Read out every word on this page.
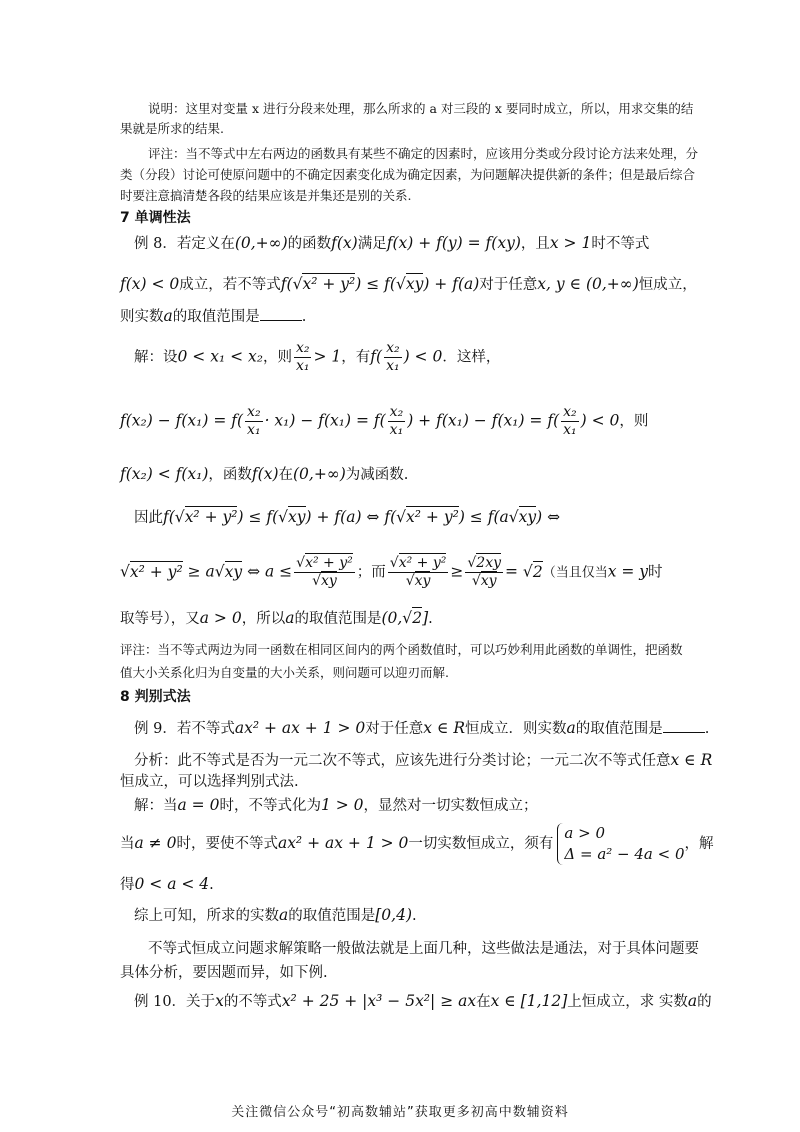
说明：这里对变量 x 进行分段来处理，那么所求的 a 对三段的 x 要同时成立，所以，用求交集的结
果就是所求的结果.
评注：当不等式中左右两边的函数具有某些不确定的因素时，应该用分类或分段讨论方法来处理，分
类（分段）讨论可使原问题中的不确定因素变化成为确定因素，为问题解决提供新的条件；但是最后综合
时要注意搞清楚各段的结果应该是并集还是别的关系.
7 单调性法
例 8．若定义在(0,+∞)的函数f(x)满足f(x) + f(y) = f(xy)，且x > 1时不等式
f(x) < 0成立，若不等式f(√x² + y²) ≤ f(√xy) + f(a)对于任意x, y ∈ (0,+∞)恒成立，
则实数a的取值范围是	.
解：设0 < x₁ < x₂，则 $\frac{\text{x₂}}{\text{x₁}} > 1$，有$f( \frac{\text{x₂}}{\text{x₁}}$ ) < 0．这样，
$f(x_2) - f(x_1) = f( \frac{\text{x₂}}{\text{x₁}} \cdot x_1) - f(x_1) = f( \frac{\text{x₂}}{\text{x₁}}$ ) + $f(x_1) - f(x_1) = f( \frac{\text{x₂}}{\text{x₁}}$ ) < 0，则
f(x₂) < f(x₁)，函数f(x)在(0,+∞)为减函数.
因此f(√x² + y²) ≤ f(√xy) + f(a) ⇔ f(√x² + y²) ≤ f(a√xy) ⇔
√x² + y² ≥ a√xy ⇔ $a \le \frac{\text{√x² + y²}}{√xy}$ ；而 $\frac{\text{√x² + y²}}{√xy} \ge \frac{√2xy}{√xy} = √2$（当且仅当x = y时
取等号），又a > 0，所以a的取值范围是(0,√2].
评注：当不等式两边为同一函数在相同区间内的两个函数值时，可以巧妙利用此函数的单调性，把函数
值大小关系化归为自变量的大小关系，则问题可以迎刃而解.
8 判别式法
例 9．若不等式ax² + ax + 1 > 0对于任意x ∈ R恒成立．则实数a的取值范围是	.
分析：此不等式是否为一元二次不等式，应该先进行分类讨论；一元二次不等式任意x ∈ R
恒成立，可以选择判别式法.
解：当a = 0时，不等式化为1 > 0，显然对一切实数恒成立；
当a ≠ 0时，要使不等式ax² + ax + 1 > 0一切实数恒成立，须有
a > 0
Δ = a² − 4a < 0
，解
得0 < a < 4.
综上可知，所求的实数a的取值范围是[0,4).
不等式恒成立问题求解策略一般做法就是上面几种，这些做法是通法，对于具体问题要
具体分析，要因题而异，如下例.
例 10．关于x的不等式x² + 25 + |x³ − 5x²| ≥ ax在x ∈ [1,12]上恒成立，求 实数a的
关注微信公众号“初高数辅站”获取更多初高中数辅资料
